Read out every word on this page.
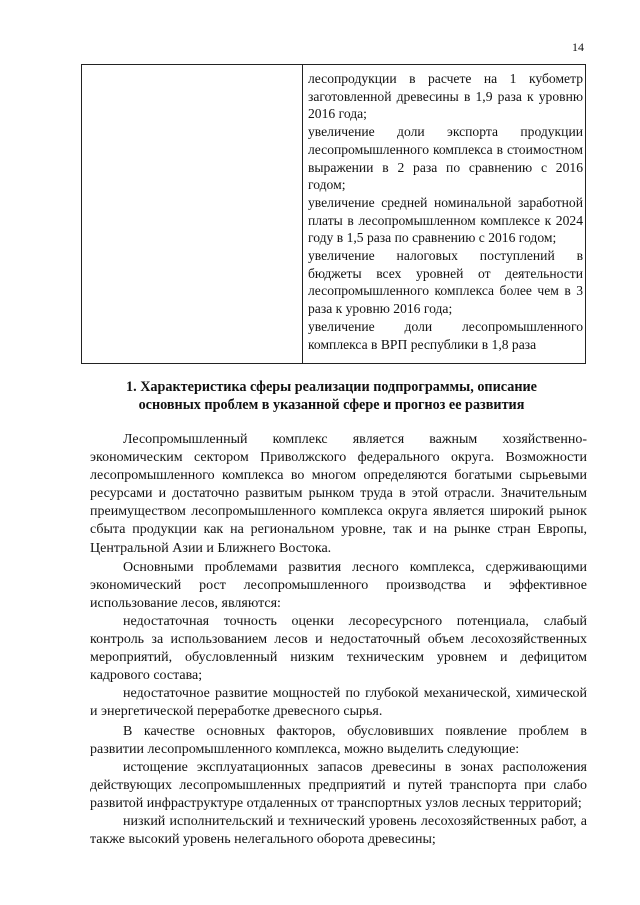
14
лесопродукции в расчете на 1 кубометр заготовленной древесины в 1,9 раза к уровню 2016 года;
увеличение доли экспорта продукции лесопромышленного комплекса в стоимостном выражении в 2 раза по сравнению с 2016 годом;
увеличение средней номинальной заработной платы в лесопромышленном комплексе к 2024 году в 1,5 раза по сравнению с 2016 годом;
увеличение налоговых поступлений в бюджеты всех уровней от деятельности лесопромышленного комплекса более чем в 3 раза к уровню 2016 года;
увеличение доли лесопромышленного комплекса в ВРП республики в 1,8 раза
1. Характеристика сферы реализации подпрограммы, описание основных проблем в указанной сфере и прогноз ее развития

Лесопромышленный комплекс является важным хозяйственно-экономическим сектором Приволжского федерального округа. Возможности лесопромышленного комплекса во многом определяются богатыми сырьевыми ресурсами и достаточно развитым рынком труда в этой отрасли. Значительным преимуществом лесопромышленного комплекса округа является широкий рынок сбыта продукции как на региональном уровне, так и на рынке стран Европы, Центральной Азии и Ближнего Востока.

Основными проблемами развития лесного комплекса, сдерживающими экономический рост лесопромышленного производства и эффективное использование лесов, являются:

недостаточная точность оценки лесоресурсного потенциала, слабый контроль за использованием лесов и недостаточный объем лесохозяйственных мероприятий, обусловленный низким техническим уровнем и дефицитом кадрового состава;

недостаточное развитие мощностей по глубокой механической, химической и энергетической переработке древесного сырья.

В качестве основных факторов, обусловивших появление проблем в развитии лесопромышленного комплекса, можно выделить следующие:

истощение эксплуатационных запасов древесины в зонах расположения действующих лесопромышленных предприятий и путей транспорта при слабо развитой инфраструктуре отдаленных от транспортных узлов лесных территорий;

низкий исполнительский и технический уровень лесохозяйственных работ, а также высокий уровень нелегального оборота древесины;
